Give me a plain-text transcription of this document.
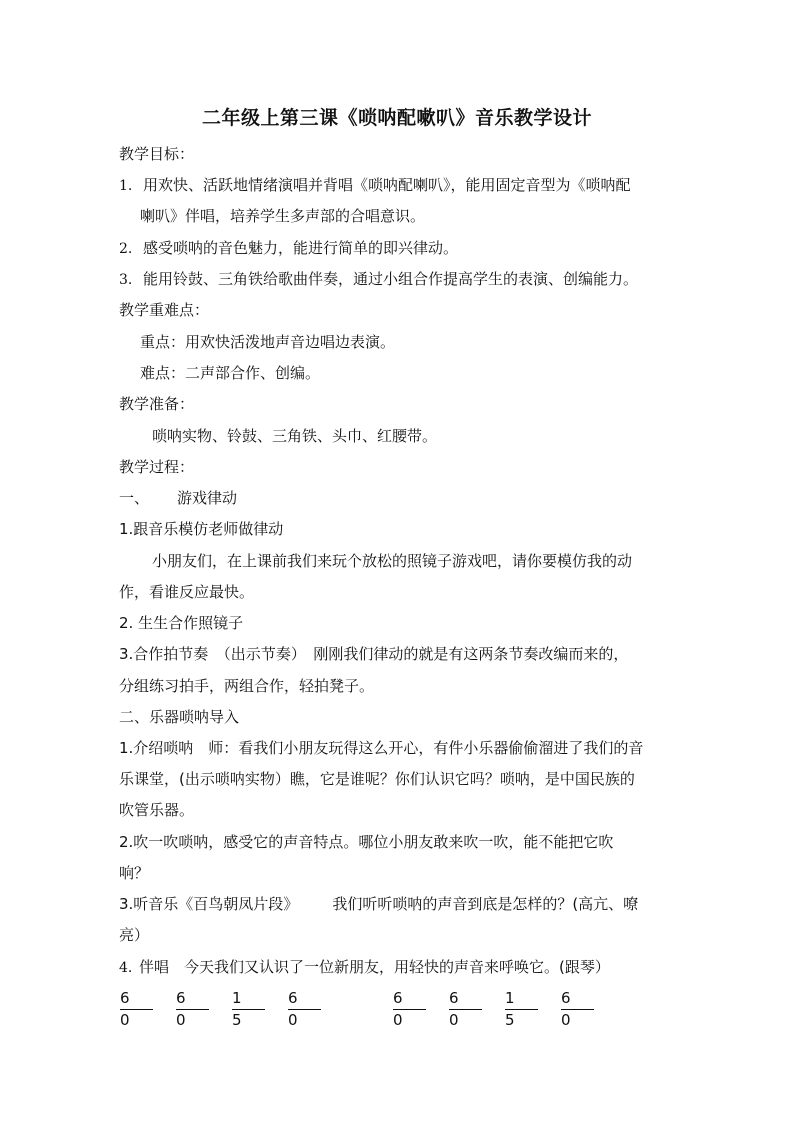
二年级上第三课《唢呐配嗽叭》音乐教学设计
教学目标：
1. 用欢快、活跃地情绪演唱并背唱《唢呐配喇叭》，能用固定音型为《唢呐配
喇叭》伴唱，培养学生多声部的合唱意识。
2. 感受唢呐的音色魅力，能进行简单的即兴律动。
3. 能用铃鼓、三角铁给歌曲伴奏，通过小组合作提高学生的表演、创编能力。
教学重难点：
重点：用欢快活泼地声音边唱边表演。
难点：二声部合作、创编。
教学准备：
唢呐实物、铃鼓、三角铁、头巾、红腰带。
教学过程：
一、 游戏律动
1.跟音乐模仿老师做律动
小朋友们，在上课前我们来玩个放松的照镜子游戏吧，请你要模仿我的动
作，看谁反应最快。
2. 生生合作照镜子
3.合作拍节奏　（出示节奏）　刚刚我们律动的就是有这两条节奏改编而来的，
分组练习拍手，两组合作，轻拍凳子。
二、乐器唢呐导入
1.介绍唢呐　师：看我们小朋友玩得这么开心，有件小乐器偷偷溜进了我们的音
乐课堂，(出示唢呐实物）瞧，它是谁呢？你们认识它吗？唢呐，是中国民族的
吹管乐器。
2.吹一吹唢呐，感受它的声音特点。哪位小朋友敢来吹一吹，能不能把它吹
响？
3.听音乐《百鸟朝凤片段》 我们听听唢呐的声音到底是怎样的？(高亢、嘹
亮）
4. 伴唱　今天我们又认识了一位新朋友，用轻快的声音来呼唤它。(跟琴）
6 0
6 0
1 5
6 0
6 0
6 0
1 5
6 0
